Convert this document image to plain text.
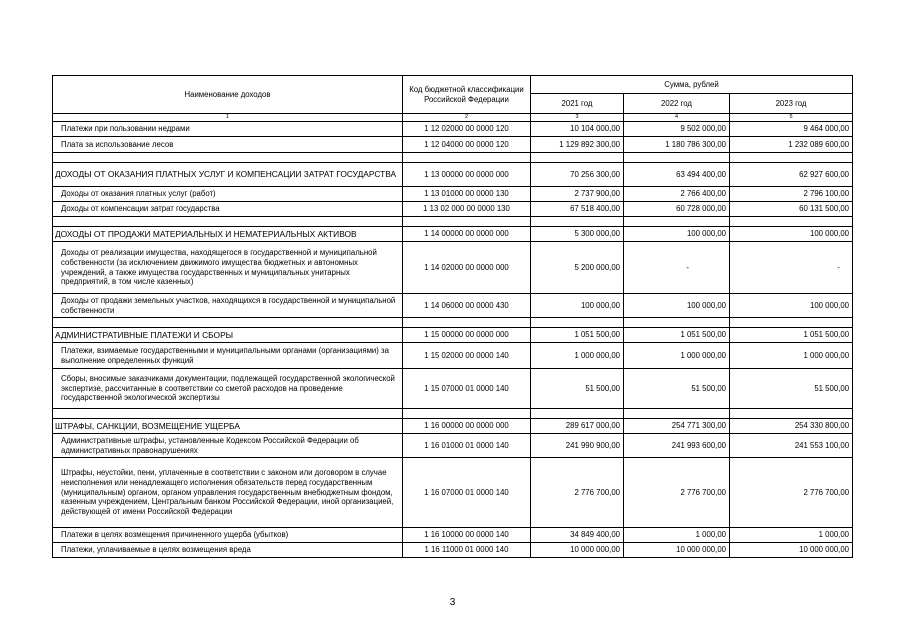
Наименование доходов	Код бюджетной классификации Российской Федерации	Сумма, рублей		
		2021 год	2022 год	2023 год
1	2	3	4	5
Платежи при пользовании недрами	1 12 02000 00 0000 120	10 104 000,00	9 502 000,00	9 464 000,00
Плата за использование лесов	1 12 04000 00 0000 120	1 129 892 300,00	1 180 786 300,00	1 232 089 600,00

ДОХОДЫ ОТ ОКАЗАНИЯ ПЛАТНЫХ УСЛУГ И КОМПЕНСАЦИИ ЗАТРАТ ГОСУДАРСТВА	1 13 00000 00 0000 000	70 256 300,00	63 494 400,00	62 927 600,00
Доходы от оказания платных услуг (работ)	1 13 01000 00 0000 130	2 737 900,00	2 766 400,00	2 796 100,00
Доходы от компенсации затрат государства	1 13 02 000 00 0000 130	67 518 400,00	60 728 000,00	60 131 500,00

ДОХОДЫ ОТ ПРОДАЖИ МАТЕРИАЛЬНЫХ И НЕМАТЕРИАЛЬНЫХ АКТИВОВ	1 14 00000 00 0000 000	5 300 000,00	100 000,00	100 000,00
Доходы от реализации имущества, находящегося в государственной и муниципальной собственности (за исключением движимого имущества бюджетных и автономных учреждений, а также имущества государственных и муниципальных унитарных предприятий, в том числе казенных)	1 14 02000 00 0000 000	5 200 000,00	-	-
Доходы от продажи земельных участков, находящихся в государственной и муниципальной собственности	1 14 06000 00 0000 430	100 000,00	100 000,00	100 000,00

АДМИНИСТРАТИВНЫЕ ПЛАТЕЖИ И СБОРЫ	1 15 00000 00 0000 000	1 051 500,00	1 051 500,00	1 051 500,00
Платежи, взимаемые государственными и муниципальными органами (организациями) за выполнение определенных функций	1 15 02000 00 0000 140	1 000 000,00	1 000 000,00	1 000 000,00
Сборы, вносимые заказчиками документации, подлежащей государственной экологической экспертизе, рассчитанные в соответствии со сметой расходов на проведение государственной экологической экспертизы	1 15 07000 01 0000 140	51 500,00	51 500,00	51 500,00

ШТРАФЫ, САНКЦИИ, ВОЗМЕЩЕНИЕ УЩЕРБА	1 16 00000 00 0000 000	289 617 000,00	254 771 300,00	254 330 800,00
Административные штрафы, установленные Кодексом Российской Федерации об административных правонарушениях	1 16 01000 01 0000 140	241 990 900,00	241 993 600,00	241 553 100,00
Штрафы, неустойки, пени, уплаченные в соответствии с законом или договором в случае неисполнения или ненадлежащего исполнения обязательств перед государственным (муниципальным) органом, органом управления государственным внебюджетным фондом, казенным учреждением, Центральным банком Российской Федерации, иной организацией, действующей от имени Российской Федерации	1 16 07000 01 0000 140	2 776 700,00	2 776 700,00	2 776 700,00
Платежи в целях возмещения причиненного ущерба (убытков)	1 16 10000 00 0000 140	34 849 400,00	1 000,00	1 000,00
Платежи, уплачиваемые в целях возмещения вреда	1 16 11000 01 0000 140	10 000 000,00	10 000 000,00	10 000 000,00
3
